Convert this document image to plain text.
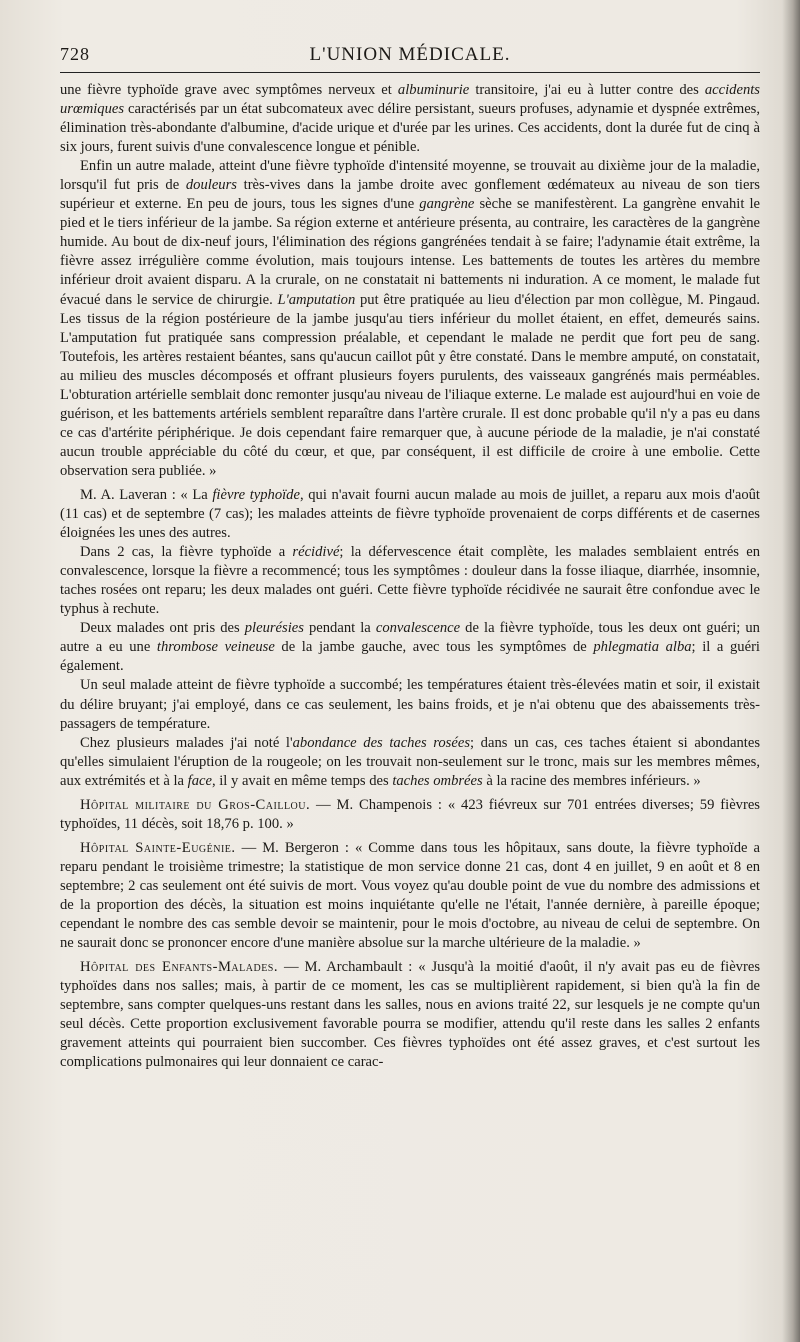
728	L'UNION MÉDICALE.

une fièvre typhoïde grave avec symptômes nerveux et albuminurie transitoire, j'ai eu à lutter contre des accidents urœmiques caractérisés par un état subcomateux avec délire persistant, sueurs profuses, adynamie et dyspnée extrêmes, élimination très-abondante d'albumine, d'acide urique et d'urée par les urines. Ces accidents, dont la durée fut de cinq à six jours, furent suivis d'une convalescence longue et pénible.

Enfin un autre malade, atteint d'une fièvre typhoïde d'intensité moyenne, se trouvait au dixième jour de la maladie, lorsqu'il fut pris de douleurs très-vives dans la jambe droite avec gonflement œdémateux au niveau de son tiers supérieur et externe. En peu de jours, tous les signes d'une gangrène sèche se manifestèrent. La gangrène envahit le pied et le tiers inférieur de la jambe. Sa région externe et antérieure présenta, au contraire, les caractères de la gangrène humide. Au bout de dix-neuf jours, l'élimination des régions gangrénées tendait à se faire; l'adynamie était extrême, la fièvre assez irrégulière comme évolution, mais toujours intense. Les battements de toutes les artères du membre inférieur droit avaient disparu. A la crurale, on ne constatait ni battements ni induration. A ce moment, le malade fut évacué dans le service de chirurgie. L'amputation put être pratiquée au lieu d'élection par mon collègue, M. Pingaud. Les tissus de la région postérieure de la jambe jusqu'au tiers inférieur du mollet étaient, en effet, demeurés sains. L'amputation fut pratiquée sans compression préalable, et cependant le malade ne perdit que fort peu de sang. Toutefois, les artères restaient béantes, sans qu'aucun caillot pût y être constaté. Dans le membre amputé, on constatait, au milieu des muscles décomposés et offrant plusieurs foyers purulents, des vaisseaux gangrénés mais perméables. L'obturation artérielle semblait donc remonter jusqu'au niveau de l'iliaque externe. Le malade est aujourd'hui en voie de guérison, et les battements artériels semblent reparaître dans l'artère crurale. Il est donc probable qu'il n'y a pas eu dans ce cas d'artérite périphérique. Je dois cependant faire remarquer que, à aucune période de la maladie, je n'ai constaté aucun trouble appréciable du côté du cœur, et que, par conséquent, il est difficile de croire à une embolie. Cette observation sera publiée. »

M. A. Laveran : « La fièvre typhoïde, qui n'avait fourni aucun malade au mois de juillet, a reparu aux mois d'août (11 cas) et de septembre (7 cas); les malades atteints de fièvre typhoïde provenaient de corps différents et de casernes éloignées les unes des autres.

Dans 2 cas, la fièvre typhoïde a récidivé; la défervescence était complète, les malades semblaient entrés en convalescence, lorsque la fièvre a recommencé; tous les symptômes : douleur dans la fosse iliaque, diarrhée, insomnie, taches rosées ont reparu; les deux malades ont guéri. Cette fièvre typhoïde récidivée ne saurait être confondue avec le typhus à rechute.

Deux malades ont pris des pleurésies pendant la convalescence de la fièvre typhoïde, tous les deux ont guéri; un autre a eu une thrombose veineuse de la jambe gauche, avec tous les symptômes de phlegmatia alba; il a guéri également.

Un seul malade atteint de fièvre typhoïde a succombé; les températures étaient très-élevées matin et soir, il existait du délire bruyant; j'ai employé, dans ce cas seulement, les bains froids, et je n'ai obtenu que des abaissements très-passagers de température.

Chez plusieurs malades j'ai noté l'abondance des taches rosées; dans un cas, ces taches étaient si abondantes qu'elles simulaient l'éruption de la rougeole; on les trouvait non-seulement sur le tronc, mais sur les membres mêmes, aux extrémités et à la face, il y avait en même temps des taches ombrées à la racine des membres inférieurs. »

Hôpital militaire du Gros-Caillou. — M. Champenois : « 423 fiévreux sur 701 entrées diverses; 59 fièvres typhoïdes, 11 décès, soit 18,76 p. 100. »

Hôpital Sainte-Eugénie. — M. Bergeron : « Comme dans tous les hôpitaux, sans doute, la fièvre typhoïde a reparu pendant le troisième trimestre; la statistique de mon service donne 21 cas, dont 4 en juillet, 9 en août et 8 en septembre; 2 cas seulement ont été suivis de mort. Vous voyez qu'au double point de vue du nombre des admissions et de la proportion des décès, la situation est moins inquiétante qu'elle ne l'était, l'année dernière, à pareille époque; cependant le nombre des cas semble devoir se maintenir, pour le mois d'octobre, au niveau de celui de septembre. On ne saurait donc se prononcer encore d'une manière absolue sur la marche ultérieure de la maladie. »

Hôpital des Enfants-Malades. — M. Archambault : « Jusqu'à la moitié d'août, il n'y avait pas eu de fièvres typhoïdes dans nos salles; mais, à partir de ce moment, les cas se multiplièrent rapidement, si bien qu'à la fin de septembre, sans compter quelques-uns restant dans les salles, nous en avions traité 22, sur lesquels je ne compte qu'un seul décès. Cette proportion exclusivement favorable pourra se modifier, attendu qu'il reste dans les salles 2 enfants gravement atteints qui pourraient bien succomber. Ces fièvres typhoïdes ont été assez graves, et c'est surtout les complications pulmonaires qui leur donnaient ce carac-
